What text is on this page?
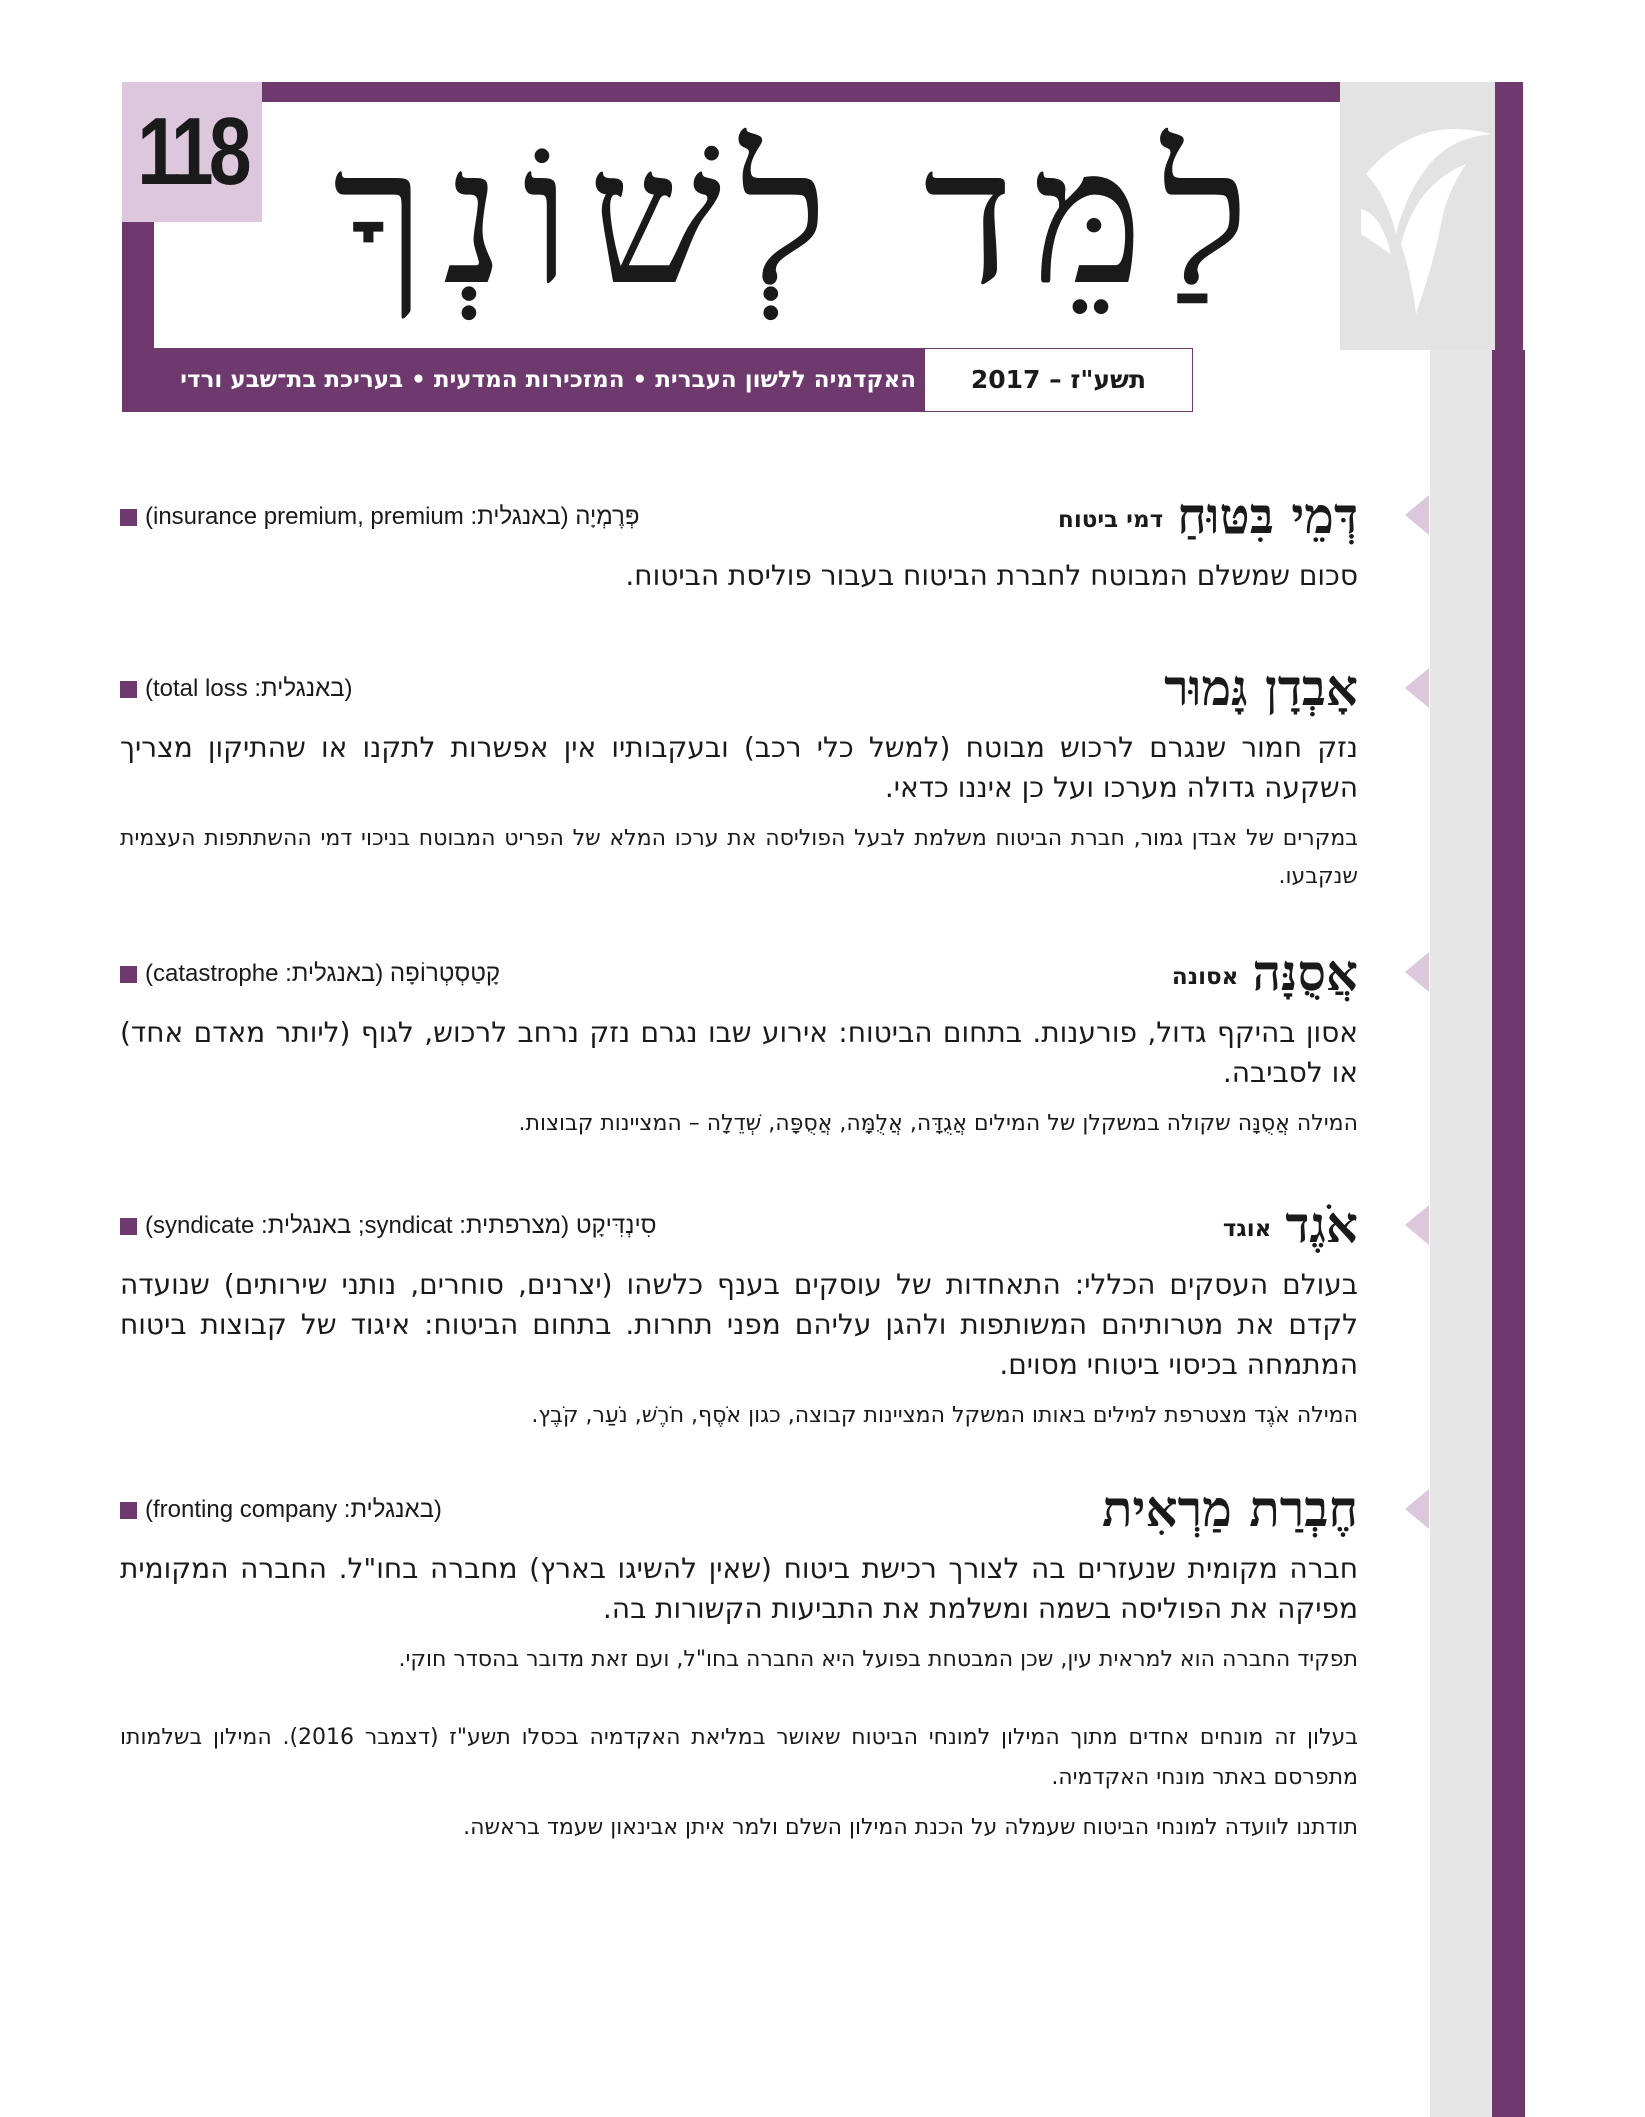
118 לַמֵּד לְשׁוֹנְךָ
האקדמיה ללשון העברית • המזכירות המדעית • בעריכת בת־שבע ורדי	תשע"ז – 2017
דְּמֵי בִּטּוּחַדמי ביטוח
פְּרֶמְיָה (באנגלית: insurance premium, premium)

סכום שמשלם המבוטח לחברת הביטוח בעבור פוליסת הביטוח.

אָבְדָן גָּמוּר
(באנגלית: total loss)

נזק חמור שנגרם לרכוש מבוטח (למשל כלי רכב) ובעקבותיו אין אפשרות לתקנו או שהתיקון מצריך השקעה גדולה מערכו ועל כן איננו כדאי.

במקרים של אבדן גמור, חברת הביטוח משלמת לבעל הפוליסה את ערכו המלא של הפריט המבוטח בניכוי דמי ההשתתפות העצמית שנקבעו.

אֲסֻנָּהאסונה
קָטַסְטְרוֹפָה (באנגלית: catastrophe)

אסון בהיקף גדול, פורענות. בתחום הביטוח: אירוע שבו נגרם נזק נרחב לרכוש, לגוף (ליותר מאדם אחד) או לסביבה.

המילה אֲסֻנָּה שקולה במשקלן של המילים אֲגֻדָּה, אֲלֻמָּה, אֲסֻפָּה, שְׁדֵלָה – המציינות קבוצות.

אֹגֶדאוגד
סִינְדִּיקָט (מצרפתית: syndicat; באנגלית: syndicate)

בעולם העסקים הכללי: התאחדות של עוסקים בענף כלשהו (יצרנים, סוחרים, נותני שירותים) שנועדה לקדם את מטרותיהם המשותפות ולהגן עליהם מפני תחרות. בתחום הביטוח: איגוד של קבוצות ביטוח המתמחה בכיסוי ביטוחי מסוים.

המילה אֹגֶד מצטרפת למילים באותו המשקל המציינות קבוצה, כגון אֹסֶף, חֹרֶשׁ, נֹעַר, קֹבֶץ.

חֶבְרַת מַרְאִית
(באנגלית: fronting company)

חברה מקומית שנעזרים בה לצורך רכישת ביטוח (שאין להשיגו בארץ) מחברה בחו"ל. החברה המקומית מפיקה את הפוליסה בשמה ומשלמת את התביעות הקשורות בה.

תפקיד החברה הוא למראית עין, שכן המבטחת בפועל היא החברה בחו"ל, ועם זאת מדובר בהסדר חוקי.

בעלון זה מונחים אחדים מתוך המילון למונחי הביטוח שאושר במליאת האקדמיה בכסלו תשע"ז (דצמבר 2016). המילון בשלמותו מתפרסם באתר מונחי האקדמיה.

תודתנו לוועדה למונחי הביטוח שעמלה על הכנת המילון השלם ולמר איתן אבינאון שעמד בראשה.
